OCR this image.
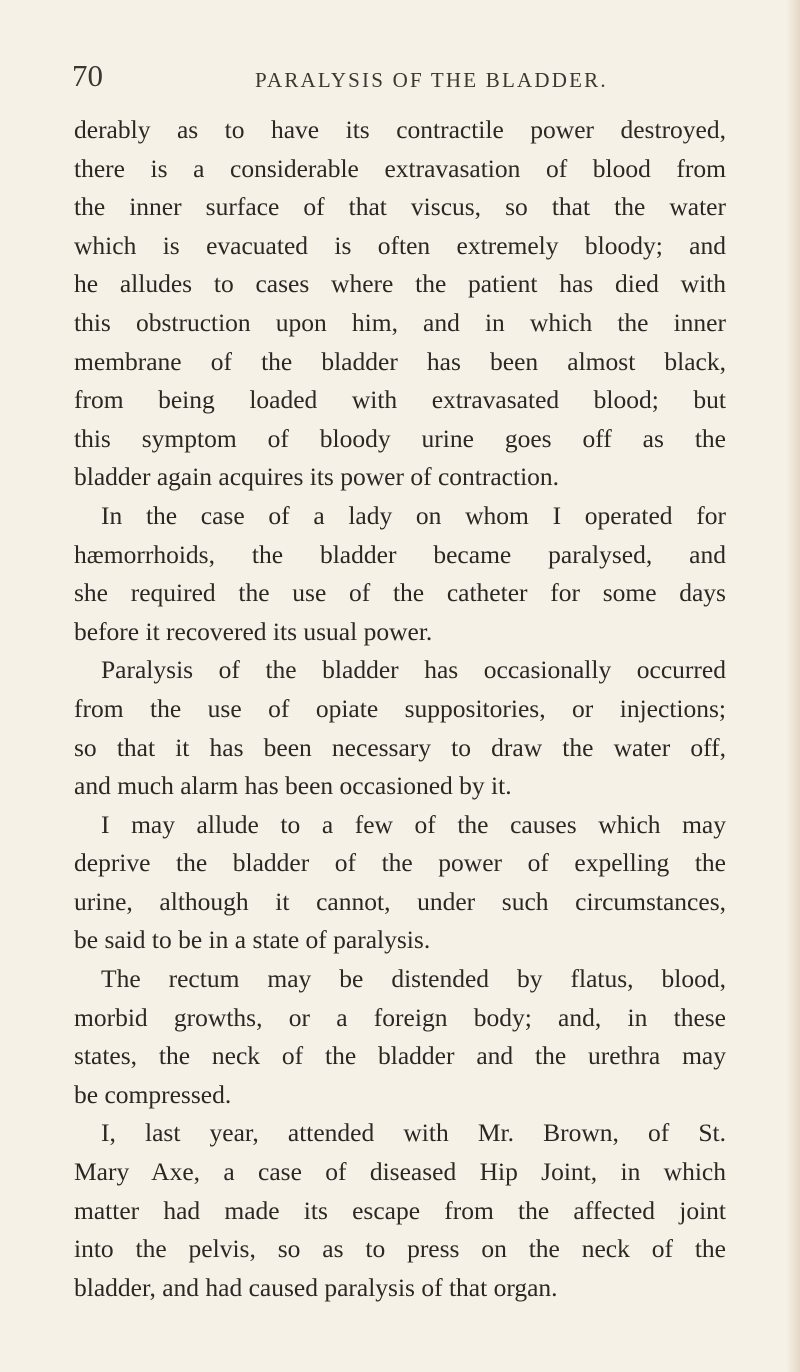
70	PARALYSIS OF THE BLADDER.
derably as to have its contractile power destroyed,
there is a considerable extravasation of blood from
the inner surface of that viscus, so that the water
which is evacuated is often extremely bloody; and
he alludes to cases where the patient has died with
this obstruction upon him, and in which the inner
membrane of the bladder has been almost black,
from being loaded with extravasated blood; but
this symptom of bloody urine goes off as the
bladder again acquires its power of contraction.
In the case of a lady on whom I operated for
hæmorrhoids, the bladder became paralysed, and
she required the use of the catheter for some days
before it recovered its usual power.
Paralysis of the bladder has occasionally occurred
from the use of opiate suppositories, or injections;
so that it has been necessary to draw the water off,
and much alarm has been occasioned by it.
I may allude to a few of the causes which may
deprive the bladder of the power of expelling the
urine, although it cannot, under such circumstances,
be said to be in a state of paralysis.
The rectum may be distended by flatus, blood,
morbid growths, or a foreign body; and, in these
states, the neck of the bladder and the urethra may
be compressed.
I, last year, attended with Mr. Brown, of St.
Mary Axe, a case of diseased Hip Joint, in which
matter had made its escape from the affected joint
into the pelvis, so as to press on the neck of the
bladder, and had caused paralysis of that organ.
